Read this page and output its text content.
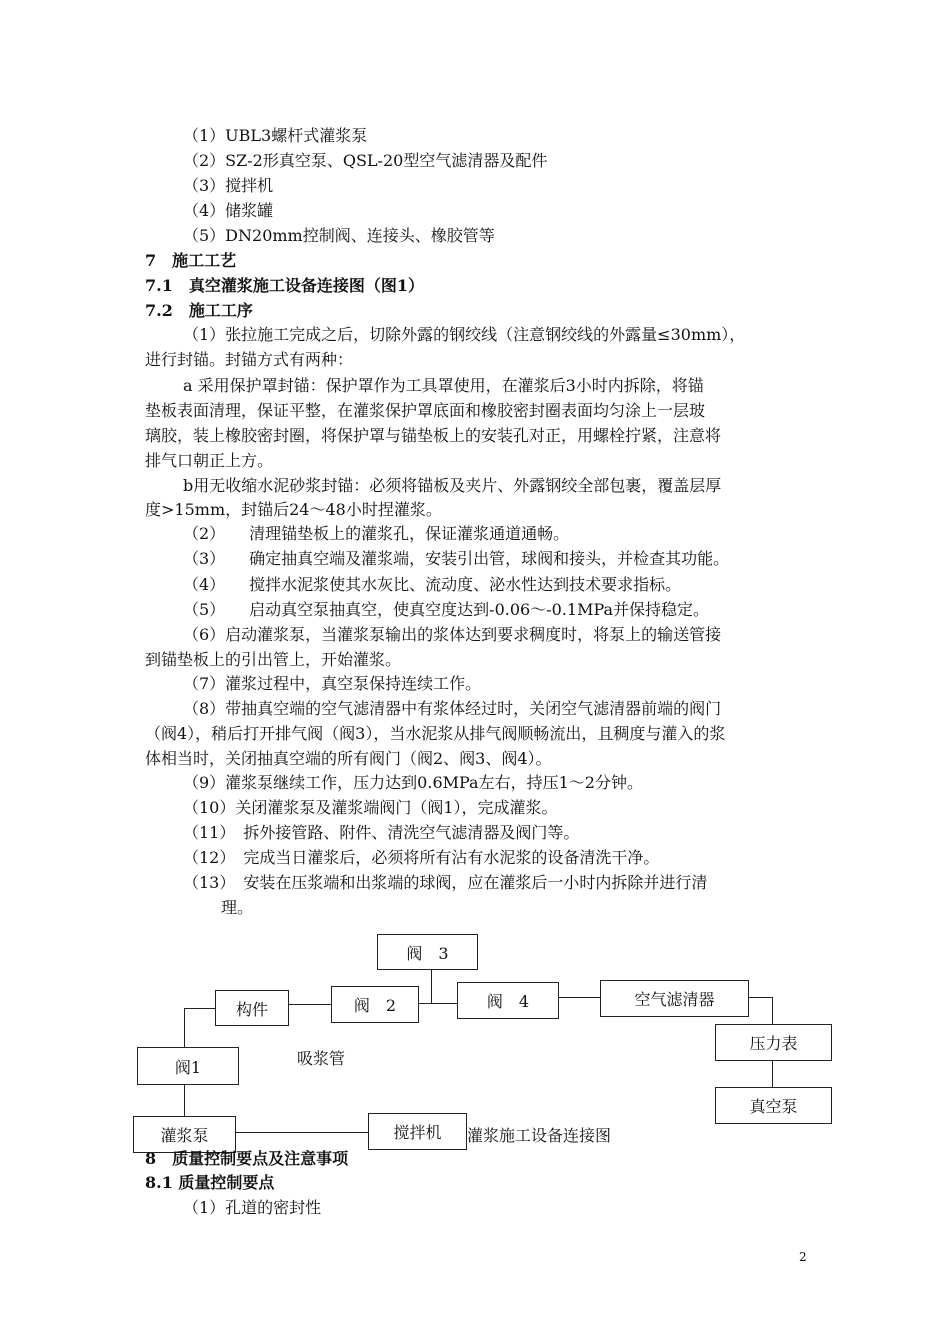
（1）UBL3螺杆式灌浆泵
（2）SZ-2形真空泵、QSL-20型空气滤清器及配件
（3）搅拌机
（4）储浆罐
（5）DN20mm控制阀、连接头、橡胶管等
7　施工工艺
7.1　真空灌浆施工设备连接图（图1）
7.2　施工工序
（1）张拉施工完成之后，切除外露的钢绞线（注意钢绞线的外露量≤30mm），
进行封锚。封锚方式有两种：
a 采用保护罩封锚：保护罩作为工具罩使用，在灌浆后3小时内拆除，将锚
垫板表面清理，保证平整，在灌浆保护罩底面和橡胶密封圈表面均匀涂上一层玻
璃胶，装上橡胶密封圈，将保护罩与锚垫板上的安装孔对正，用螺栓拧紧，注意将
排气口朝正上方。
b用无收缩水泥砂浆封锚：必须将锚板及夹片、外露钢绞全部包裹，覆盖层厚
度>15mm，封锚后24～48小时捏灌浆。
（2）　　清理锚垫板上的灌浆孔，保证灌浆通道通畅。
（3）　　确定抽真空端及灌浆端，安装引出管，球阀和接头，并检查其功能。
（4）　　搅拌水泥浆使其水灰比、流动度、泌水性达到技术要求指标。
（5）　　启动真空泵抽真空，使真空度达到-0.06～-0.1MPa并保持稳定。
（6）启动灌浆泵，当灌浆泵输出的浆体达到要求稠度时，将泵上的输送管接
到锚垫板上的引出管上，开始灌浆。
（7）灌浆过程中，真空泵保持连续工作。
（8）带抽真空端的空气滤清器中有浆体经过时，关闭空气滤清器前端的阀门
（阀4），稍后打开排气阀（阀3），当水泥浆从排气阀顺畅流出，且稠度与灌入的浆
体相当时，关闭抽真空端的所有阀门（阀2、阀3、阀4）。
（9）灌浆泵继续工作，压力达到0.6MPa左右，持压1～2分钟。
（10）关闭灌浆泵及灌浆端阀门（阀1），完成灌浆。
（11）　拆外接管路、附件、清洗空气滤清器及阀门等。
（12）　完成当日灌浆后，必须将所有沾有水泥浆的设备清洗干净。
（13）　安装在压浆端和出浆端的球阀，应在灌浆后一小时内拆除并进行清
理。
阀　3
构件	阀　2	阀　4	空气滤清器
压力表
阀1
真空泵
灌浆泵	搅拌机
吸浆管
灌浆施工设备连接图
8　质量控制要点及注意事项
8.1 质量控制要点
（1）孔道的密封性
2
